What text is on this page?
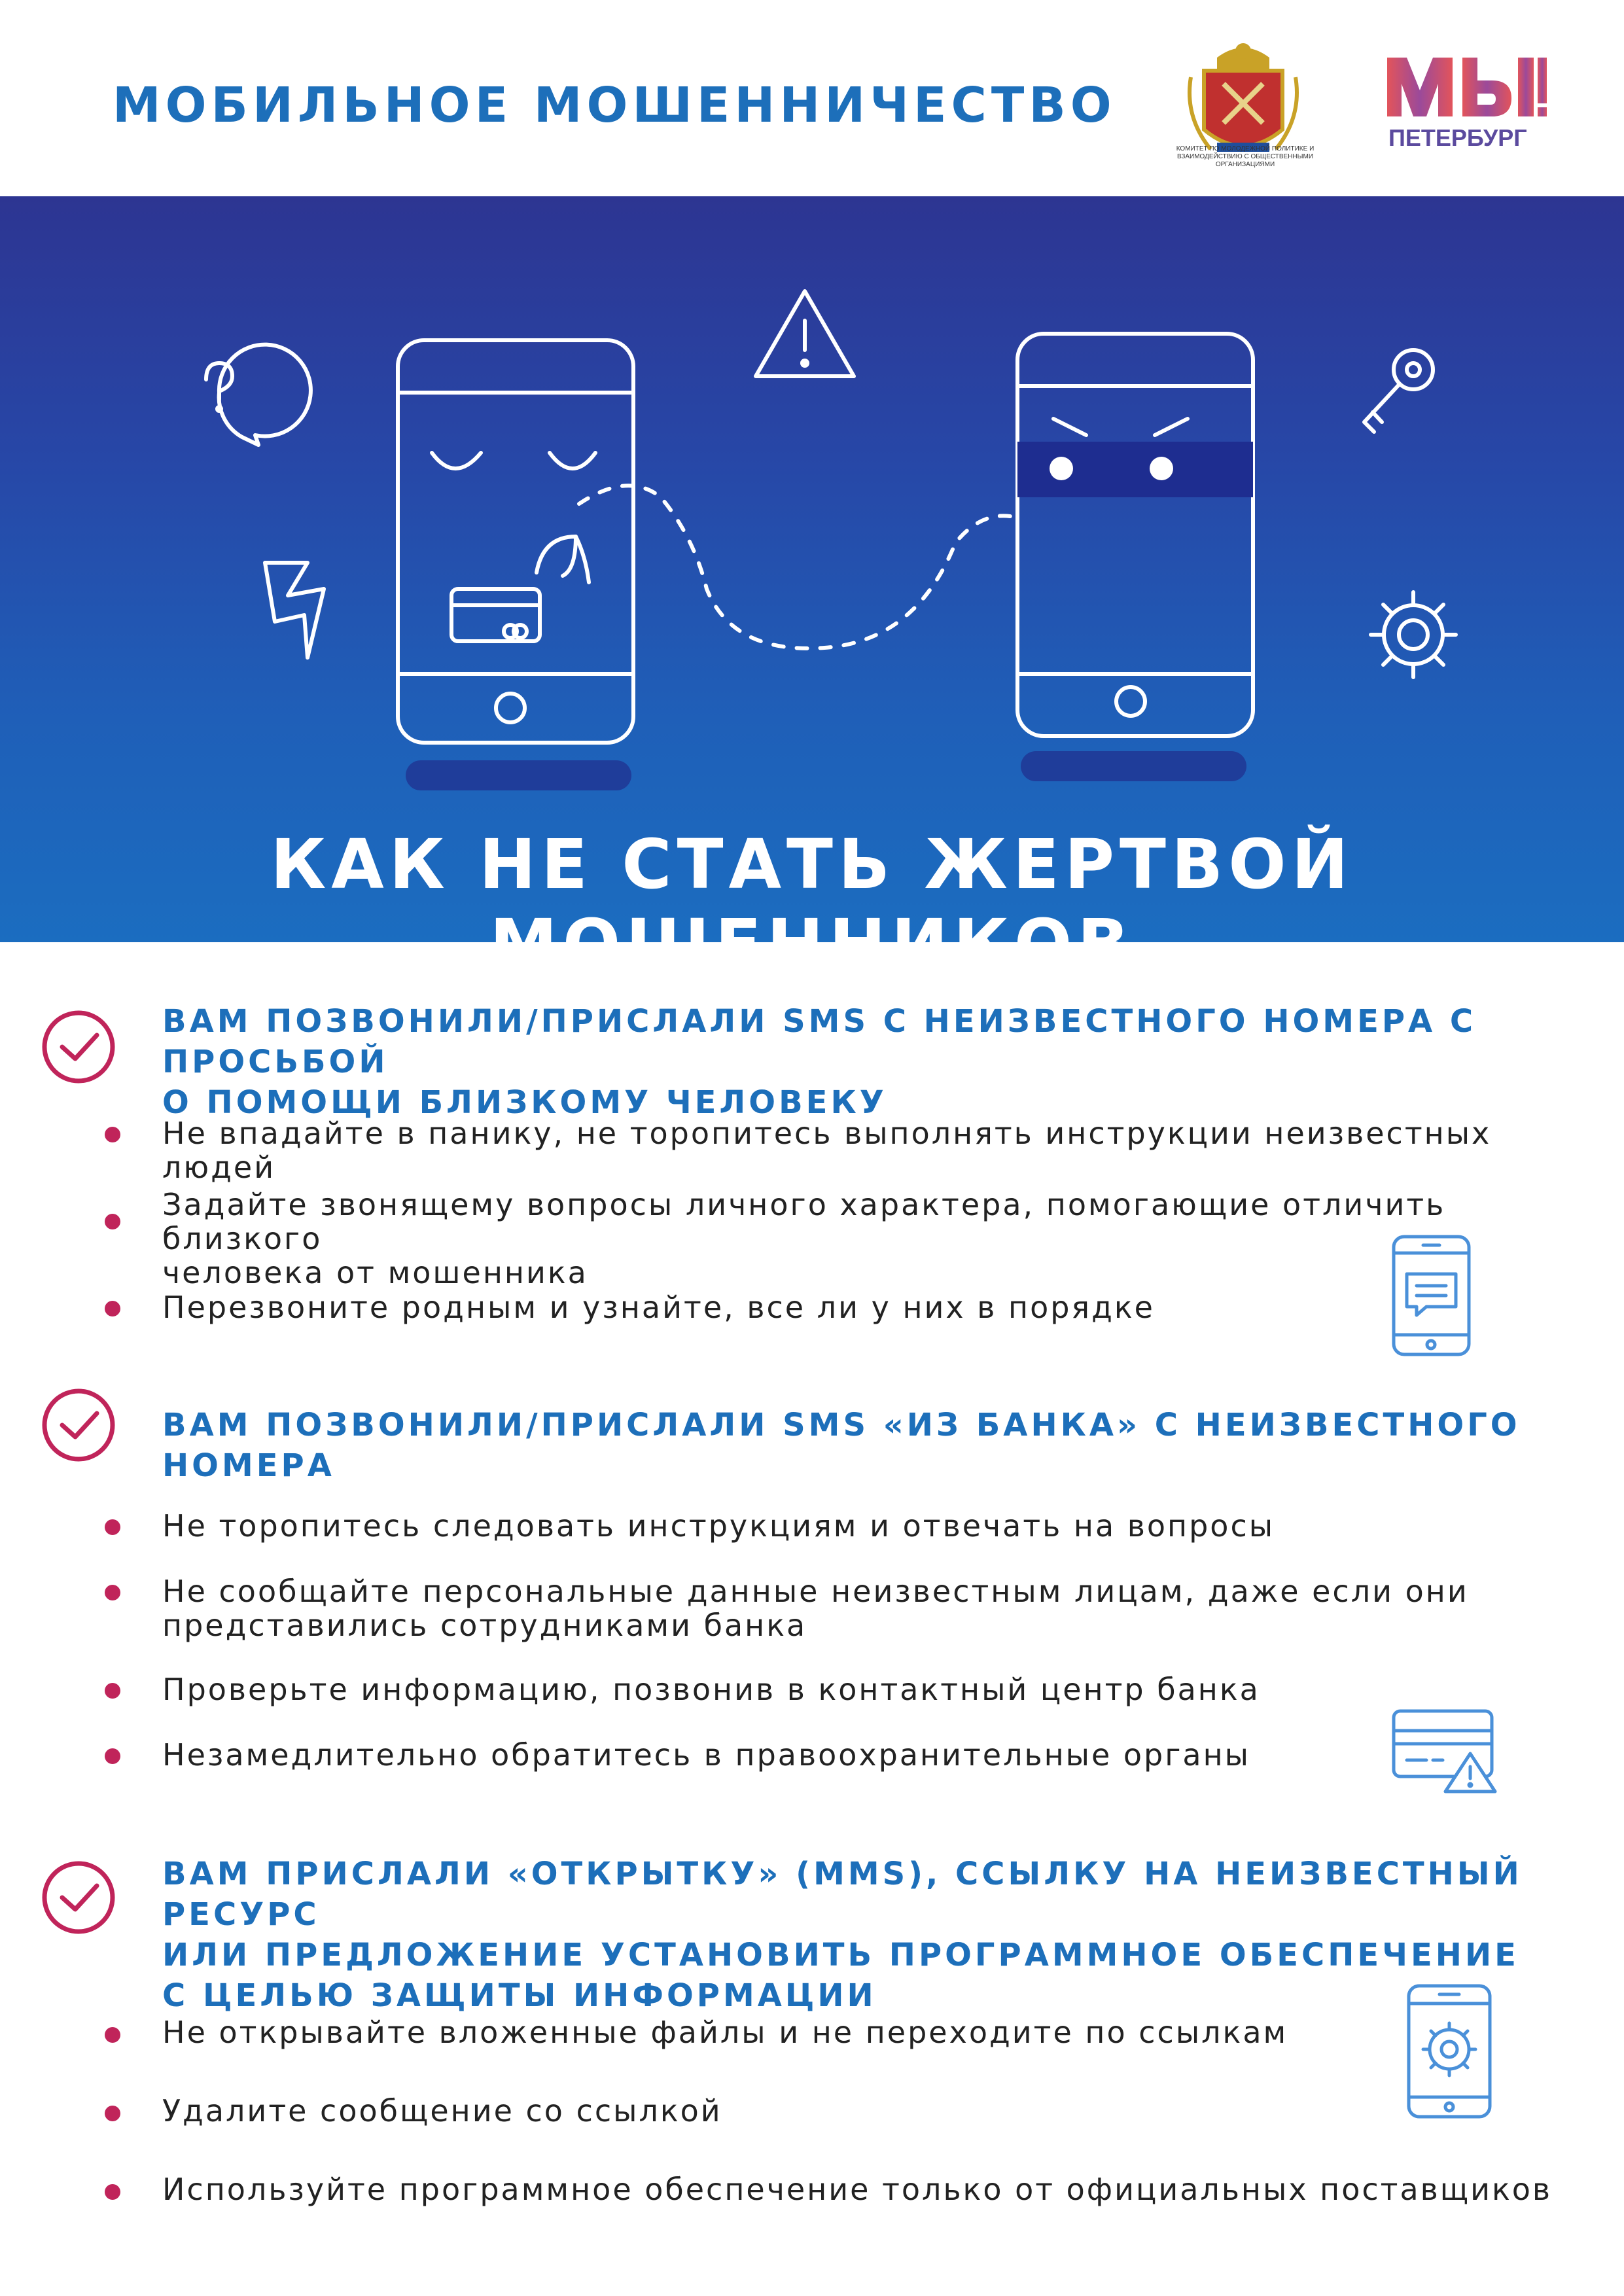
МОБИЛЬНОЕ МОШЕННИЧЕСТВО
КОМИТЕТ ПО МОЛОДЕЖНОЙ ПОЛИТИКЕ И ВЗАИМОДЕЙСТВИЮ С ОБЩЕСТВЕННЫМИ ОРГАНИЗАЦИЯМИ
ПЕТЕРБУРГ
КАК НЕ СТАТЬ ЖЕРТВОЙ МОШЕННИКОВ
ВАМ ПОЗВОНИЛИ/ПРИСЛАЛИ SMS С НЕИЗВЕСТНОГО НОМЕРА С ПРОСЬБОЙ
О ПОМОЩИ БЛИЗКОМУ ЧЕЛОВЕКУ
Не впадайте в панику, не торопитесь выполнять инструкции неизвестных людей
Задайте звонящему вопросы личного характера, помогающие отличить близкого
человека от мошенника
Перезвоните родным и узнайте, все ли у них в порядке
ВАМ ПОЗВОНИЛИ/ПРИСЛАЛИ SMS «ИЗ БАНКА» С НЕИЗВЕСТНОГО НОМЕРА
Не торопитесь следовать инструкциям и отвечать на вопросы
Не сообщайте персональные данные неизвестным лицам, даже если они
представились сотрудниками банка
Проверьте информацию, позвонив в контактный центр банка
Незамедлительно обратитесь в правоохранительные органы
ВАМ ПРИСЛАЛИ «ОТКРЫТКУ» (MMS), ССЫЛКУ НА НЕИЗВЕСТНЫЙ РЕСУРС
ИЛИ ПРЕДЛОЖЕНИЕ УСТАНОВИТЬ ПРОГРАММНОЕ ОБЕСПЕЧЕНИЕ
С ЦЕЛЬЮ ЗАЩИТЫ ИНФОРМАЦИИ
Не открывайте вложенные файлы и не переходите по ссылкам
Удалите сообщение со ссылкой
Используйте программное обеспечение только от официальных поставщиков
